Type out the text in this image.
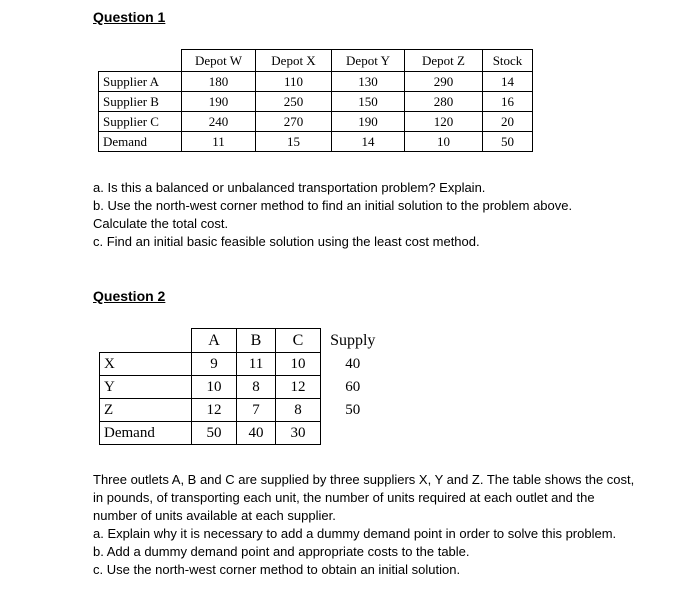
Question 1
	Depot W	Depot X	Depot Y	Depot Z	Stock
Supplier A	180	110	130	290	14
Supplier B	190	250	150	280	16
Supplier C	240	270	190	120	20
Demand	11	15	14	10	50

a. Is this a balanced or unbalanced transportation problem? Explain.

b. Use the north-west corner method to find an initial solution to the problem above.

Calculate the total cost.

c. Find an initial basic feasible solution using the least cost method.

Question 2
	A	B	C	Supply
X	9	11	10	40
Y	10	8	12	60
Z	12	7	8	50
Demand	50	40	30	

Three outlets A, B and C are supplied by three suppliers X, Y and Z. The table shows the cost,

in pounds, of transporting each unit, the number of units required at each outlet and the

number of units available at each supplier.

a. Explain why it is necessary to add a dummy demand point in order to solve this problem.

b. Add a dummy demand point and appropriate costs to the table.

c. Use the north-west corner method to obtain an initial solution.
